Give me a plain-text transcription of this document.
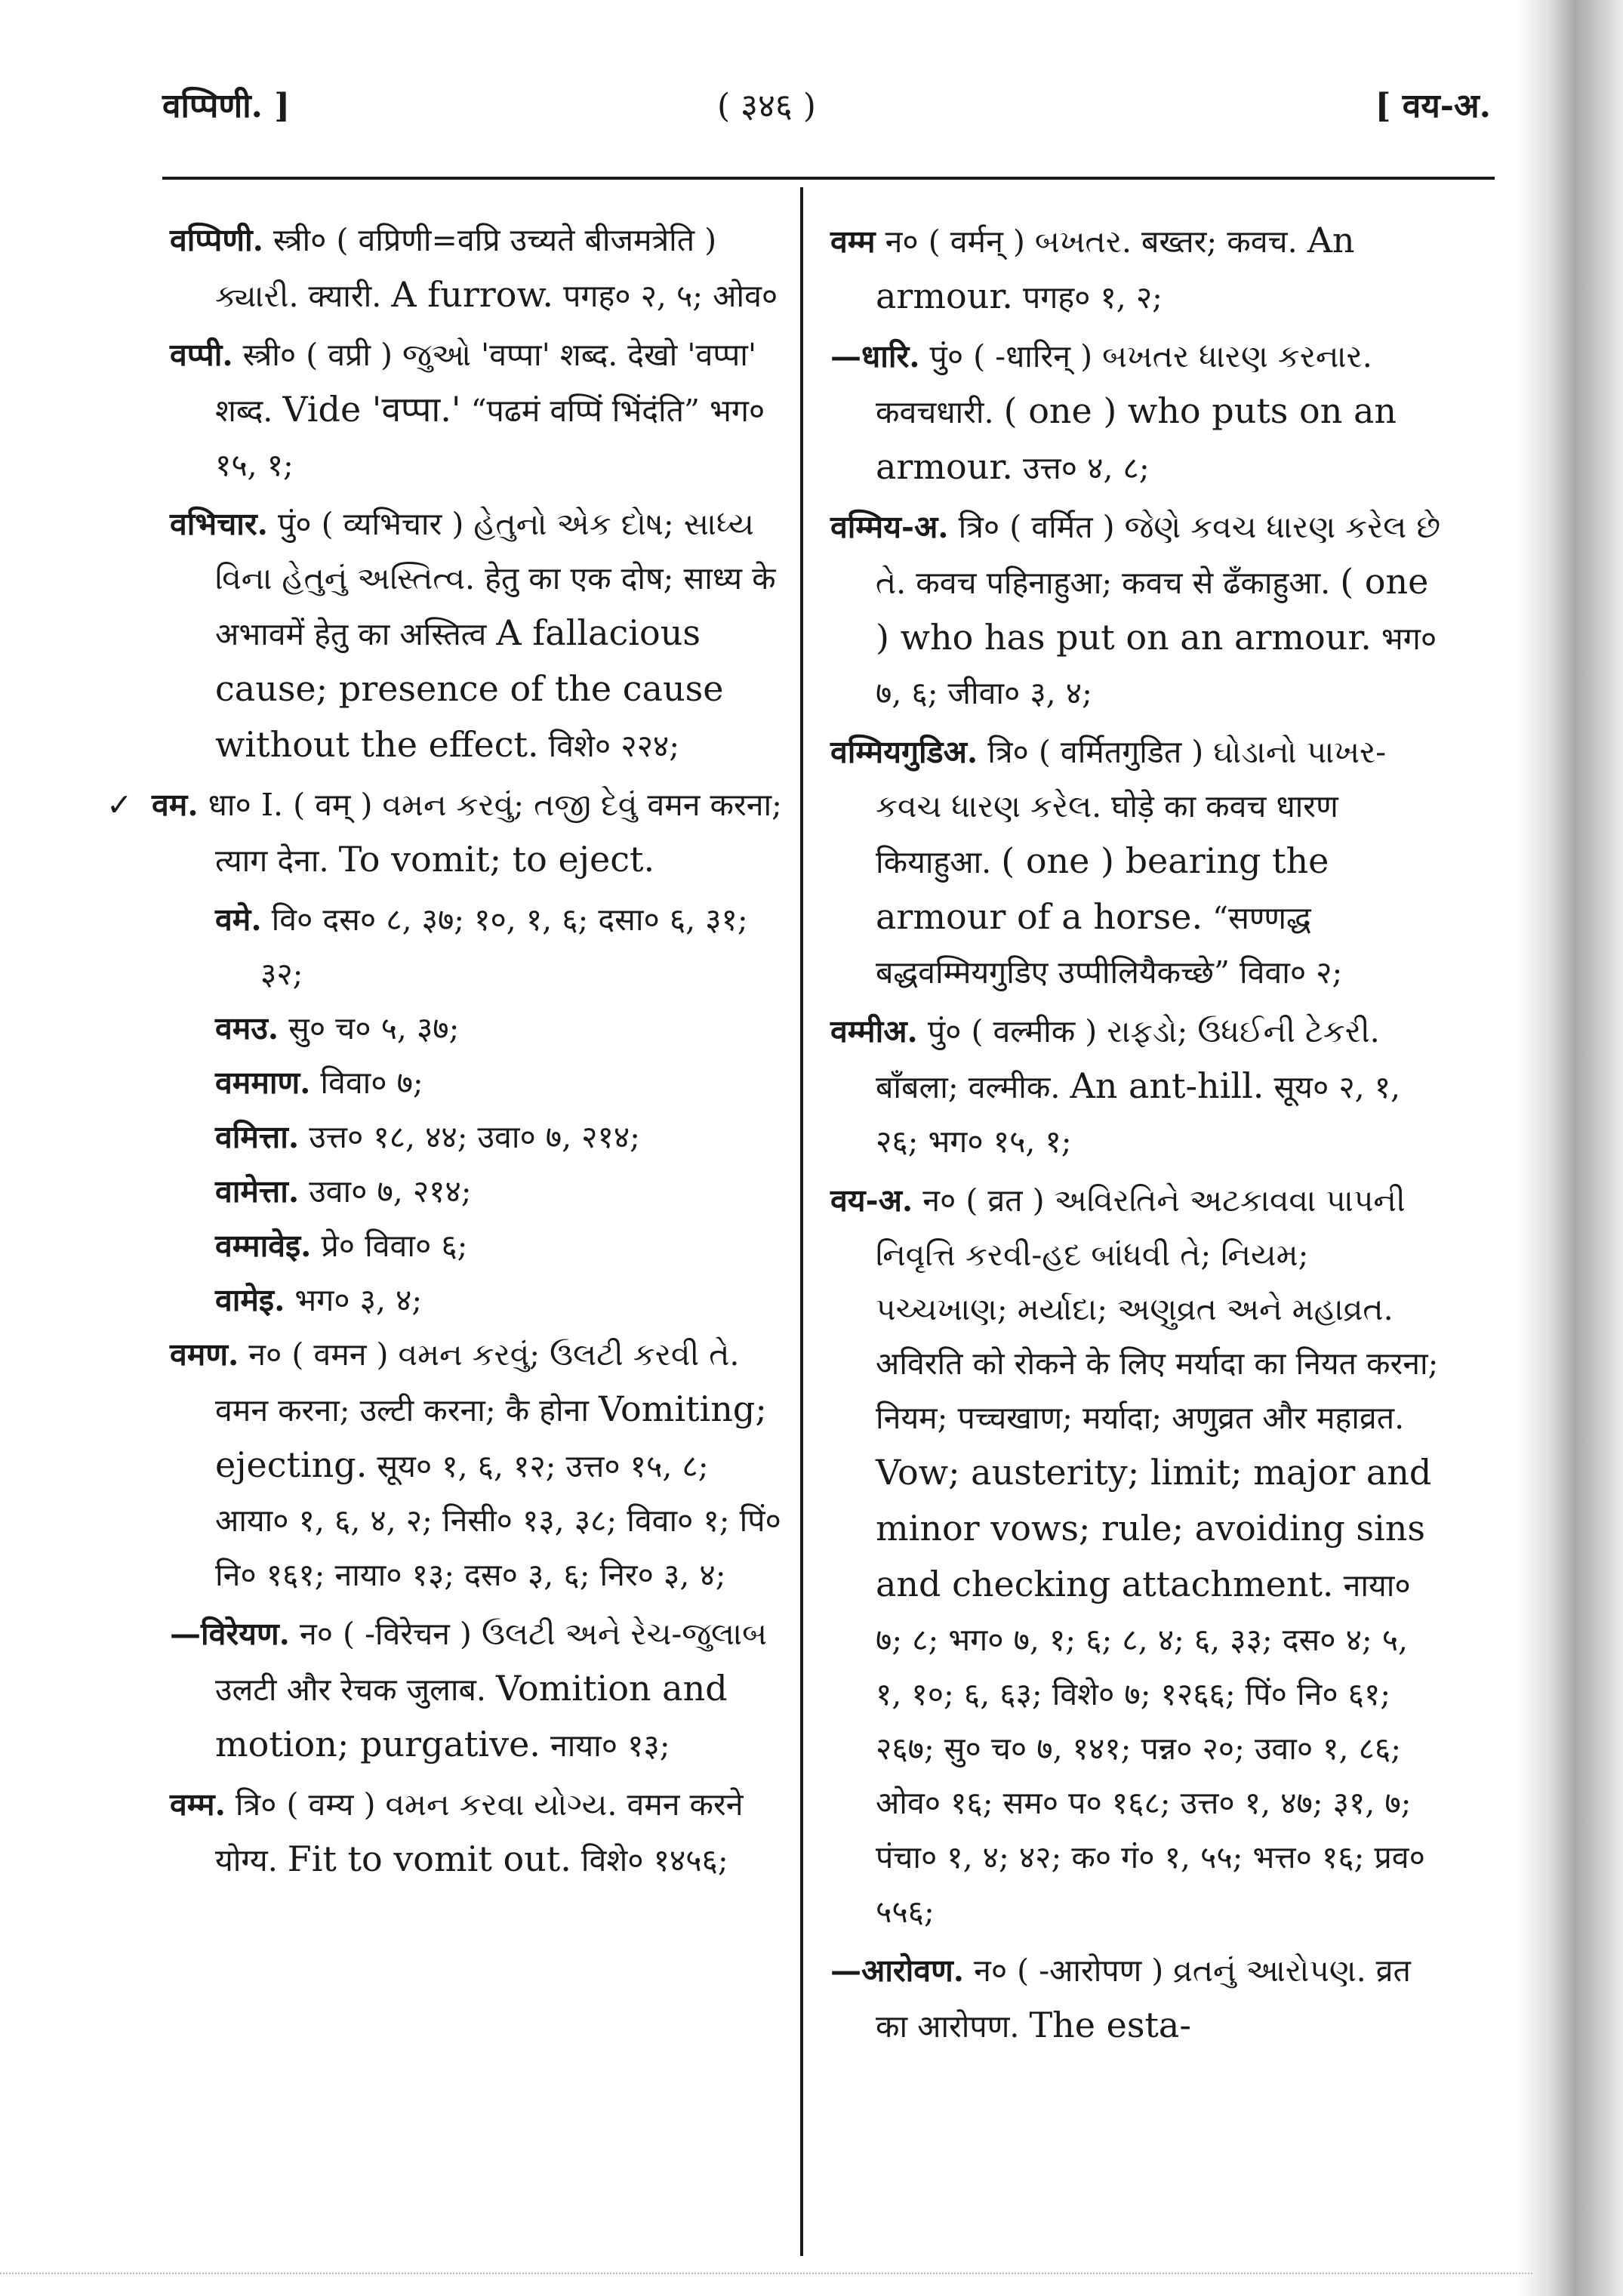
वप्पिणी. ]	( ३४६ )	[ वय-अ.
वप्पिणी. स्त्री० ( वप्रिणी=वप्रि उच्यते बीजमत्रेति ) ક્યારી. क्यारी. A furrow. पगह० २, ५; ओव०
वप्पी. स्त्री० ( वप्री ) જુઓ 'वप्पा' शब्द. देखो 'वप्पा' शब्द. Vide 'वप्पा.' “पढमं वप्पिं भिंदंति” भग० १५, १;
वभिचार. पुं० ( व्यभिचार ) હેતુનો એક દોષ; સાધ્ય વિના હેતુનું અસ્તિત્વ. हेतु का एक दोष; साध्य के अभावमें हेतु का अस्तित्व A fallacious cause; presence of the cause without the effect. विशे० २२४;
✓ वम. धा० I. ( वम् ) વમન કરવું; તજી દેવું वमन करना; त्याग देना. To vomit; to eject.
वमे. वि० दस० ८, ३७; १०, १, ६; दसा० ६, ३१; ३२;
वमउ. सु० च० ५, ३७;
वममाण. विवा० ७;
वमित्ता. उत्त० १८, ४४; उवा० ७, २१४;
वामेत्ता. उवा० ७, २१४;
वम्मावेइ. प्रे० विवा० ६;
वामेइ. भग० ३, ४;
वमण. न० ( वमन ) વમન કરવું; ઉલટી કરવી તે. वमन करना; उल्टी करना; कै होना Vomiting; ejecting. सूय० १, ६, १२; उत्त० १५, ८; आया० १, ६, ४, २; निसी० १३, ३८; विवा० १; पिं० नि० १६१; नाया० १३; दस० ३, ६; निर० ३, ४;
—विरेयण. न० ( -विरेचन ) ઉલટી અને રેચ-જુલાબ उलटी और रेचक जुलाब. Vomition and motion; purgative. नाया० १३;
वम्म. त्रि० ( वम्य ) વમન કરવા યોગ્ય. वमन करने योग्य. Fit to vomit out. विशे० १४५६;
वम्म न० ( वर्मन् ) બખતર. बख्तर; कवच. An armour. पगह० १, २;
—धारि. पुं० ( -धारिन् ) બખતર ધારણ કરનાર. कवचधारी. ( one ) who puts on an armour. उत्त० ४, ८;
वम्मिय-अ. त्रि० ( वर्मित ) જેણે કવચ ધારણ કરેલ છે તે. कवच पहिनाहुआ; कवच से ढँकाहुआ. ( one ) who has put on an armour. भग० ७, ६; जीवा० ३, ४;
वम्मियगुडिअ. त्रि० ( वर्मितगुडित ) ઘોડાનો પાખર-કવચ ધારણ કરેલ. घोड़े का कवच धारण कियाहुआ. ( one ) bearing the armour of a horse. “सण्णद्ध बद्धवम्मियगुडिए उप्पीलियैकच्छे” विवा० २;
वम्मीअ. पुं० ( वल्मीक ) રાફડો; ઉધઈની ટેકરી. बाँबला; वल्मीक. An ant-hill. सूय० २, १, २६; भग० १५, १;
वय-अ. न० ( व्रत ) અવિરતિને અટકાવવા પાપની નિવૃત્તિ કરવી-હદ બાંધવી તે; નિયમ; પચ્ચખાણ; મર્યાદા; અણુવ્રત અને મહાવ્રત. अविरति को रोकने के लिए मर्यादा का नियत करना; नियम; पच्चखाण; मर्यादा; अणुव्रत और महाव्रत. Vow; austerity; limit; major and minor vows; rule; avoiding sins and checking attachment. नाया० ७; ८; भग० ७, १; ६; ८, ४; ६, ३३; दस० ४; ५, १, १०; ६, ६३; विशे० ७; १२६६; पिं० नि० ६१; २६७; सु० च० ७, १४१; पन्न० २०; उवा० १, ८६; ओव० १६; सम० प० १६८; उत्त० १, ४७; ३१, ७; पंचा० १, ४; ४२; क० गं० १, ५५; भत्त० १६; प्रव० ५५६;
—आरोवण. न० ( -आरोपण ) વ્રતનું આરોપણ. व्रत का आरोपण. The esta-
